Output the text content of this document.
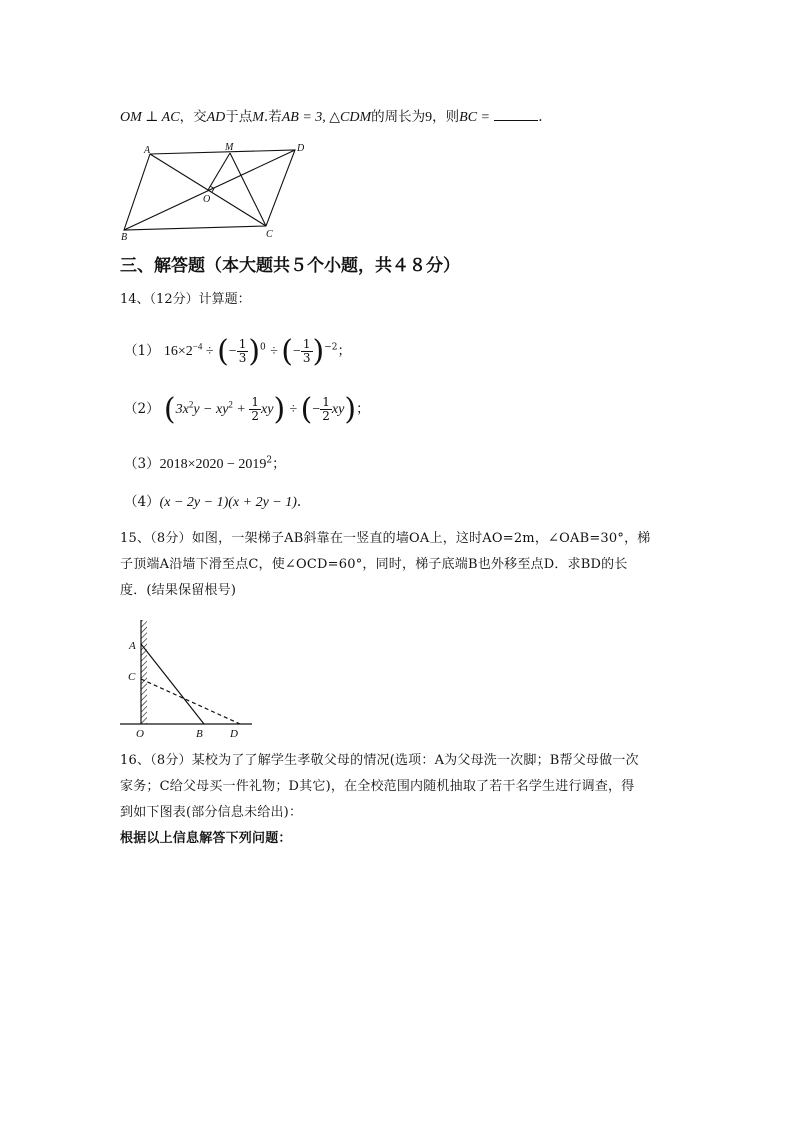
OM ⊥ AC，交AD于点M.若AB = 3, △CDM的周长为9，则BC =	.
A	M	D
O
B	C
三、解答题（本大题共５个小题，共４８分）
14、（12分）计算题：
（1） $16\times 2^{-4}$ ÷ (− $\frac{1}{3} )^0$ ÷ (− $\frac{1}{3} )^{-2}$；
（2） $(3x^2y - xy^2 + \frac{1}{2} xy)$ ÷ (− $\frac{1}{2} xy$)；
$(3)2018\times 2020 - 2019^2$；
（4）(x − 2y − 1)(x + 2y − 1).
15、（8分）如图，一架梯子AB斜靠在一竖直的墙OA上，这时AO=2m，∠OAB=30°，梯
子顶端A沿墙下滑至点C，使∠OCD=60°，同时，梯子底端B也外移至点D．求BD的长
度．(结果保留根号)
A
C
O	B D
16、（8分）某校为了了解学生孝敬父母的情况(选项：A为父母洗一次脚；B帮父母做一次
家务；C给父母买一件礼物；D其它)，在全校范围内随机抽取了若干名学生进行调查，得
到如下图表(部分信息未给出)：
根据以上信息解答下列问题：
